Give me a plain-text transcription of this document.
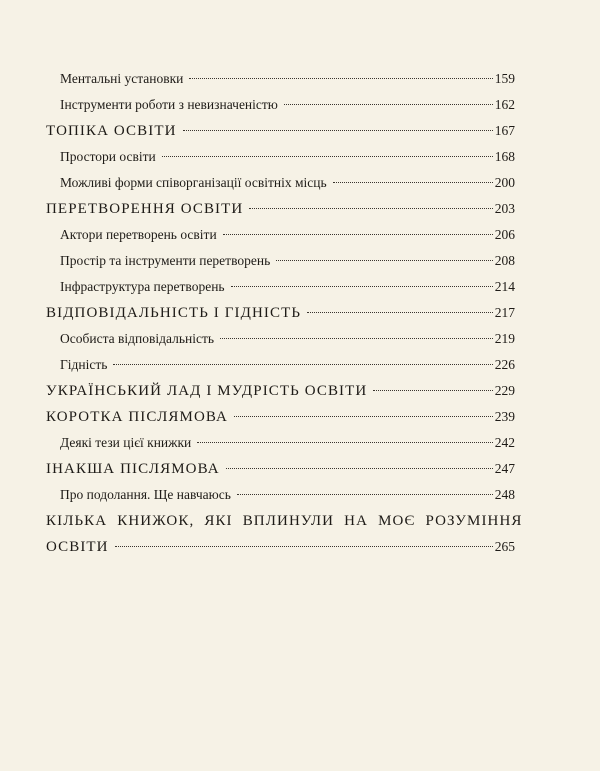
Ментальні установки	159
Інструменти роботи з невизначеністю	162
ТОПІКА ОСВІТИ	167
Простори освіти	168
Можливі форми співорганізації освітніх місць	200
ПЕРЕТВОРЕННЯ ОСВІТИ	203
Актори перетворень освіти	206
Простір та інструменти перетворень	208
Інфраструктура перетворень	214
ВІДПОВІДАЛЬНІСТЬ І ГІДНІСТЬ	217
Особиста відповідальність	219
Гідність	226
УКРАЇНСЬКИЙ ЛАД І МУДРІСТЬ ОСВІТИ	229
КОРОТКА ПІСЛЯМОВА	239
Деякі тези цієї книжки	242
ІНАКША ПІСЛЯМОВА	247
Про подолання. Ще навчаюсь	248
КІЛЬКА КНИЖОК, ЯКІ ВПЛИНУЛИ НА МОЄ РОЗУМІННЯ
ОСВІТИ	265
